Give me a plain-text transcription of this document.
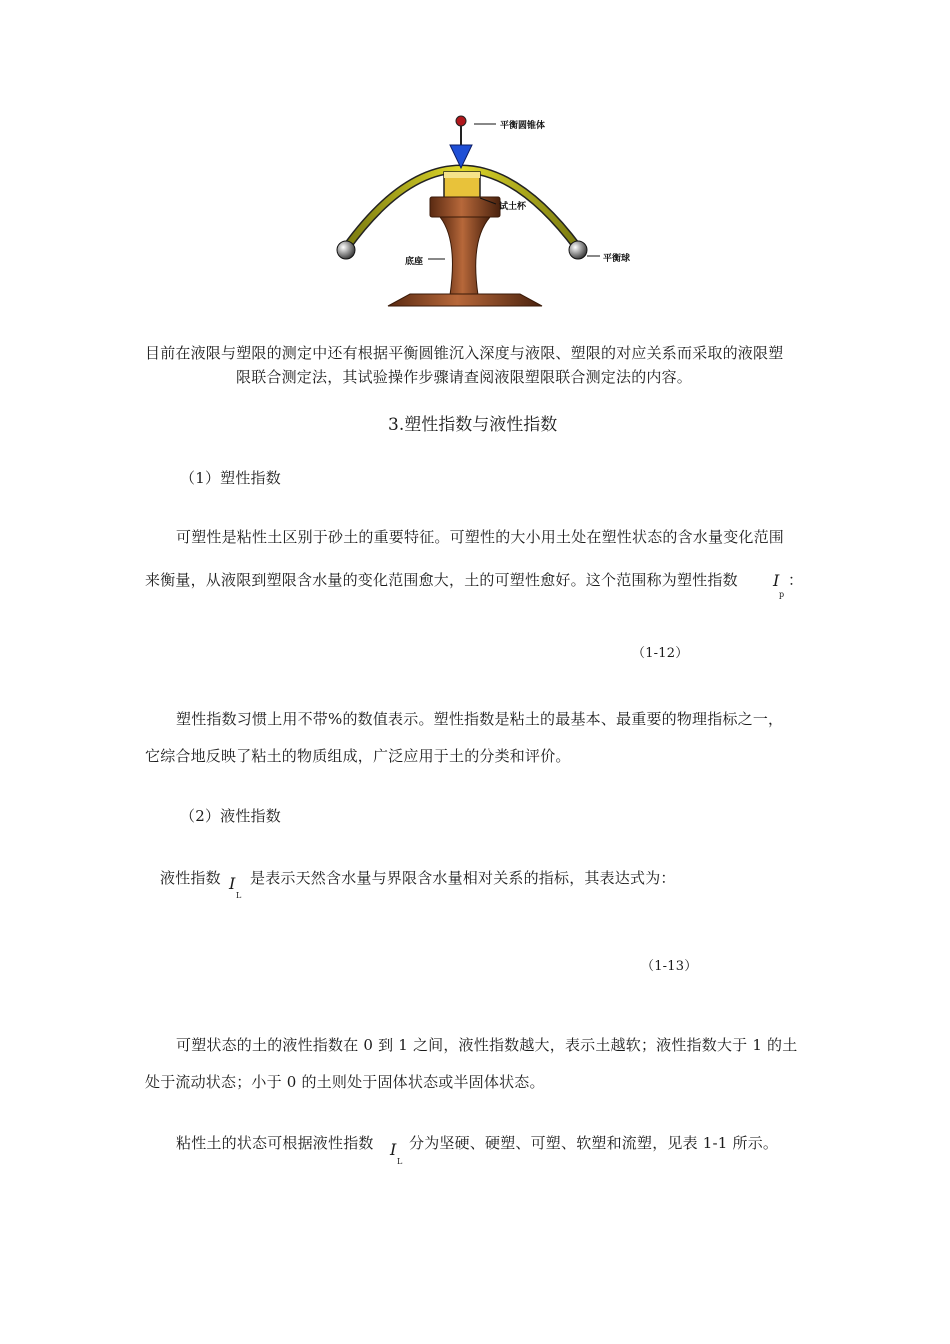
平衡圆锥体
试土杯
底座	平衡球
目前在液限与塑限的测定中还有根据平衡圆锥沉入深度与液限、塑限的对应关系而采取的液限塑
限联合测定法，其试验操作步骤请查阅液限塑限联合测定法的内容。
3.塑性指数与液性指数
（1）塑性指数
可塑性是粘性土区别于砂土的重要特征。可塑性的大小用土处在塑性状态的含水量变化范围
来衡量，从液限到塑限含水量的变化范围愈大，土的可塑性愈好。这个范围称为塑性指数 I
p
：
（1-12）
塑性指数习惯上用不带%的数值表示。塑性指数是粘土的最基本、最重要的物理指标之一，
它综合地反映了粘土的物质组成，广泛应用于土的分类和评价。
（2）液性指数
液性指数 I
L
是表示天然含水量与界限含水量相对关系的指标，其表达式为：
（1-13）
可塑状态的土的液性指数在 0 到 1 之间，液性指数越大，表示土越软；液性指数大于 1 的土
处于流动状态；小于 0 的土则处于固体状态或半固体状态。
粘性土的状态可根据液性指数 I
L
分为坚硬、硬塑、可塑、软塑和流塑，见表 1-1 所示。
